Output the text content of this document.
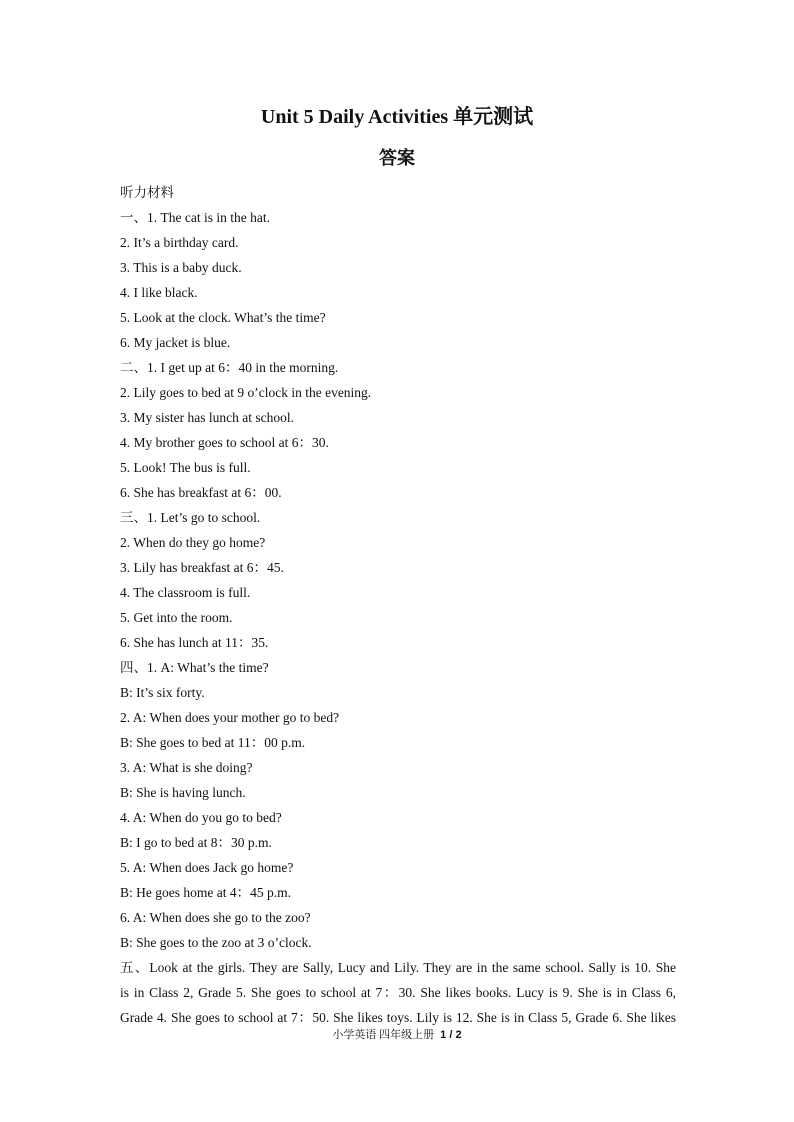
Unit 5 Daily Activities 单元测试
答案
听力材料
一、1. The cat is in the hat.
2. It’s a birthday card.
3. This is a baby duck.
4. I like black.
5. Look at the clock. What’s the time?
6. My jacket is blue.
二、1. I get up at 6：40 in the morning.
2. Lily goes to bed at 9 o’clock in the evening.
3. My sister has lunch at school.
4. My brother goes to school at 6：30.
5. Look! The bus is full.
6. She has breakfast at 6：00.
三、1. Let’s go to school.
2. When do they go home?
3. Lily has breakfast at 6：45.
4. The classroom is full.
5. Get into the room.
6. She has lunch at 11：35.
四、1. A: What’s the time?
B: It’s six forty.
2. A: When does your mother go to bed?
B: She goes to bed at 11：00 p.m.
3. A: What is she doing?
B: She is having lunch.
4. A: When do you go to bed?
B: I go to bed at 8：30 p.m.
5. A: When does Jack go home?
B: He goes home at 4：45 p.m.
6. A: When does she go to the zoo?
B: She goes to the zoo at 3 o’clock.
五、Look at the girls. They are Sally, Lucy and Lily. They are in the same school. Sally is 10. She
is in Class 2, Grade 5. She goes to school at 7：30. She likes books. Lucy is 9. She is in Class 6,
Grade 4. She goes to school at 7：50. She likes toys. Lily is 12. She is in Class 5, Grade 6. She likes
小学英语 四年级上册 1 / 2
